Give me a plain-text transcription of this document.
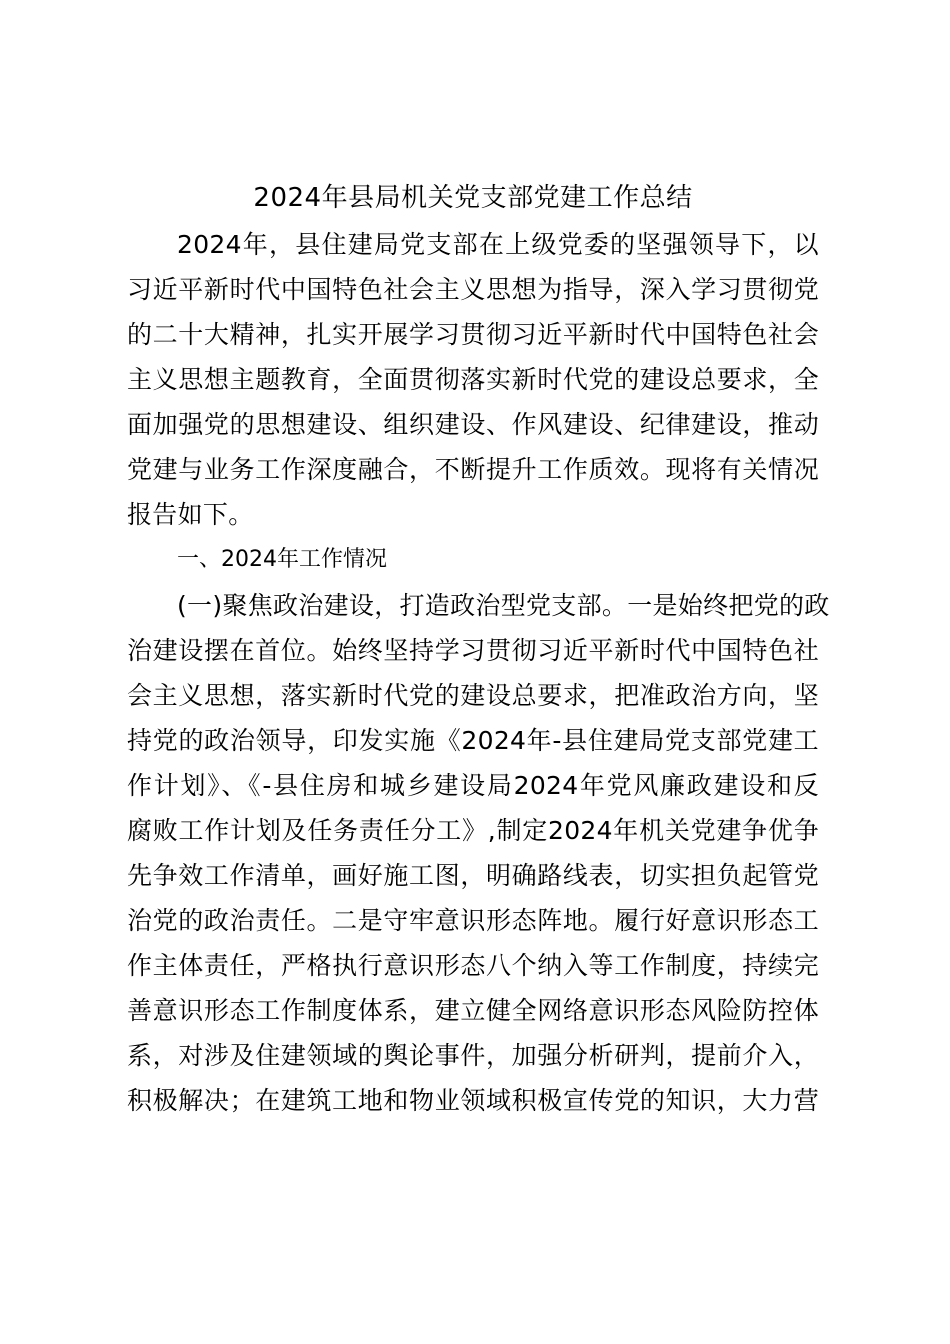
2024年县局机关党支部党建工作总结
2024年，县住建局党支部在上级党委的坚强领导下，以
习近平新时代中国特色社会主义思想为指导，深入学习贯彻党
的二十大精神，扎实开展学习贯彻习近平新时代中国特色社会
主义思想主题教育，全面贯彻落实新时代党的建设总要求，全
面加强党的思想建设、组织建设、作风建设、纪律建设，推动
党建与业务工作深度融合，不断提升工作质效。现将有关情况
报告如下。

一、2024年工作情况

(一)聚焦政治建设，打造政治型党支部。一是始终把党的政
治建设摆在首位。始终坚持学习贯彻习近平新时代中国特色社
会主义思想，落实新时代党的建设总要求，把准政治方向，坚
持党的政治领导，印发实施《2024年-县住建局党支部党建工
作计划》、《-县住房和城乡建设局2024年党风廉政建设和反
腐败工作计划及任务责任分工》,制定2024年机关党建争优争
先争效工作清单，画好施工图，明确路线表，切实担负起管党
治党的政治责任。二是守牢意识形态阵地。履行好意识形态工
作主体责任，严格执行意识形态八个纳入等工作制度，持续完
善意识形态工作制度体系，建立健全网络意识形态风险防控体
系，对涉及住建领域的舆论事件，加强分析研判，提前介入，
积极解决；在建筑工地和物业领域积极宣传党的知识，大力营
